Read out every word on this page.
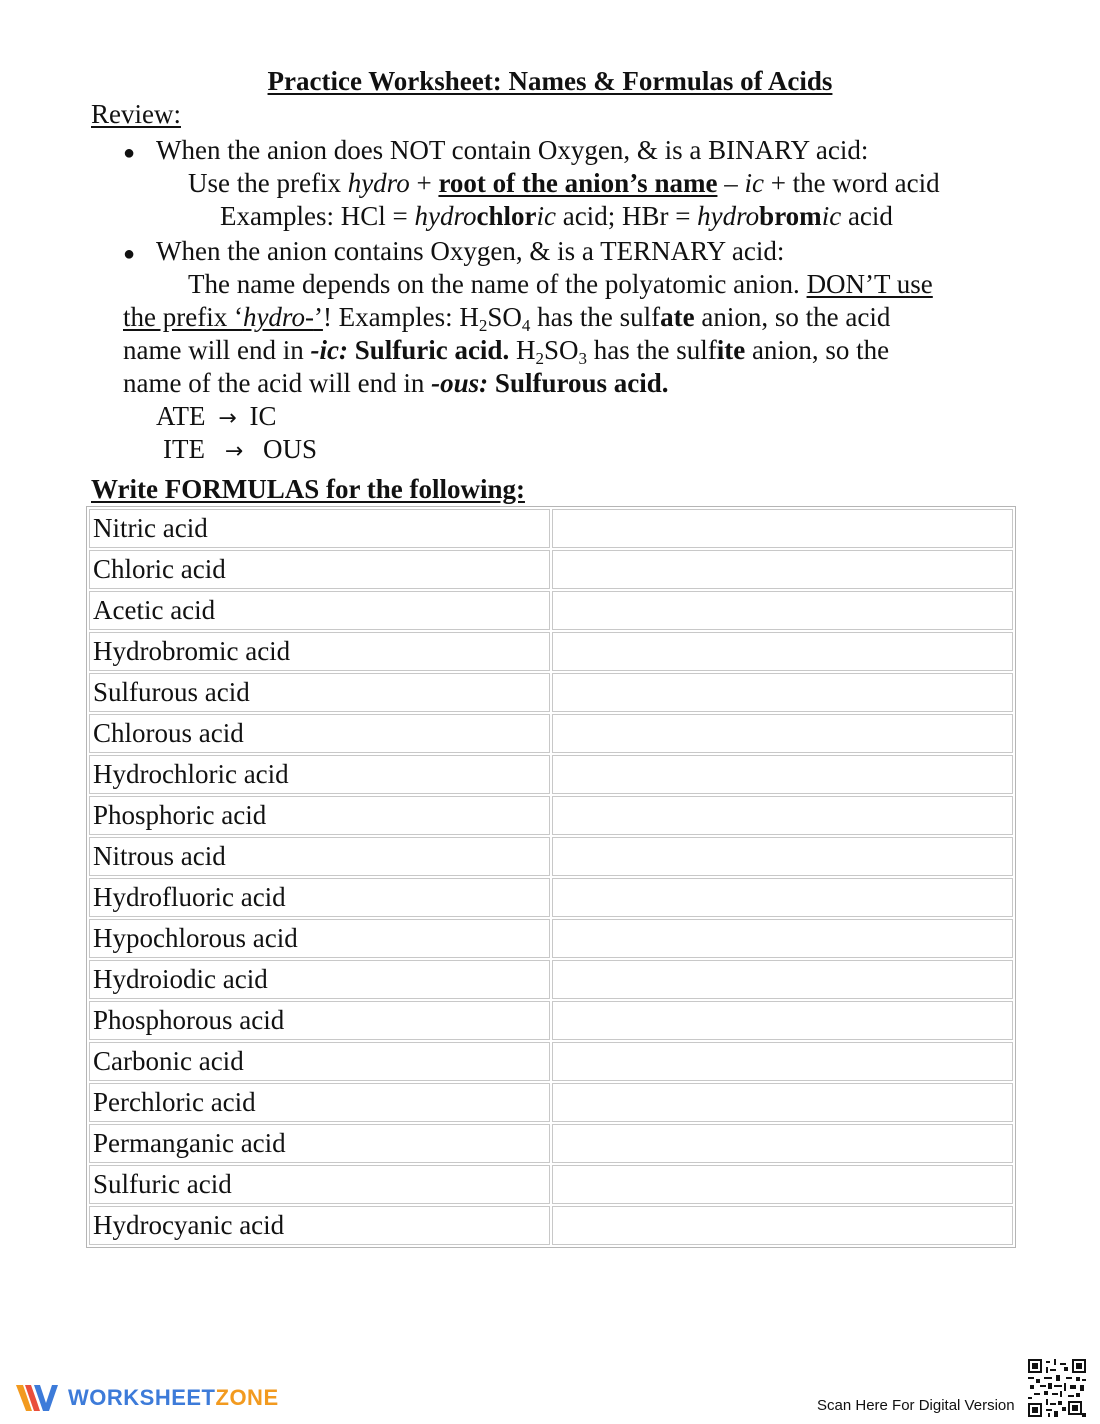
Practice Worksheet: Names & Formulas of Acids
Review:
● When the anion does NOT contain Oxygen, & is a BINARY acid:
Use the prefix hydro + root of the anion’s name – ic + the word acid
Examples: HCl = hydrochloric acid; HBr = hydrobromic acid
● When the anion contains Oxygen, & is a TERNARY acid:
The name depends on the name of the polyatomic anion. DON’T use
the prefix ‘hydro-’! Examples: $H_2SO_4$ has the sulfate anion, so the acid
name will end in -ic: Sulfuric acid. $H_2SO_3$ has the sulfite anion, so the
name of the acid will end in -ous: Sulfurous acid.
ATE → IC
ITE → OUS
Write FORMULAS for the following:
Nitric acid	
Chloric acid	
Acetic acid	
Hydrobromic acid	
Sulfurous acid	
Chlorous acid	
Hydrochloric acid	
Phosphoric acid	
Nitrous acid	
Hydrofluoric acid	
Hypochlorous acid	
Hydroiodic acid	
Phosphorous acid	
Carbonic acid	
Perchloric acid	
Permanganic acid	
Sulfuric acid	
Hydrocyanic acid	
WORKSHEETZONE	Scan Here For Digital Version
